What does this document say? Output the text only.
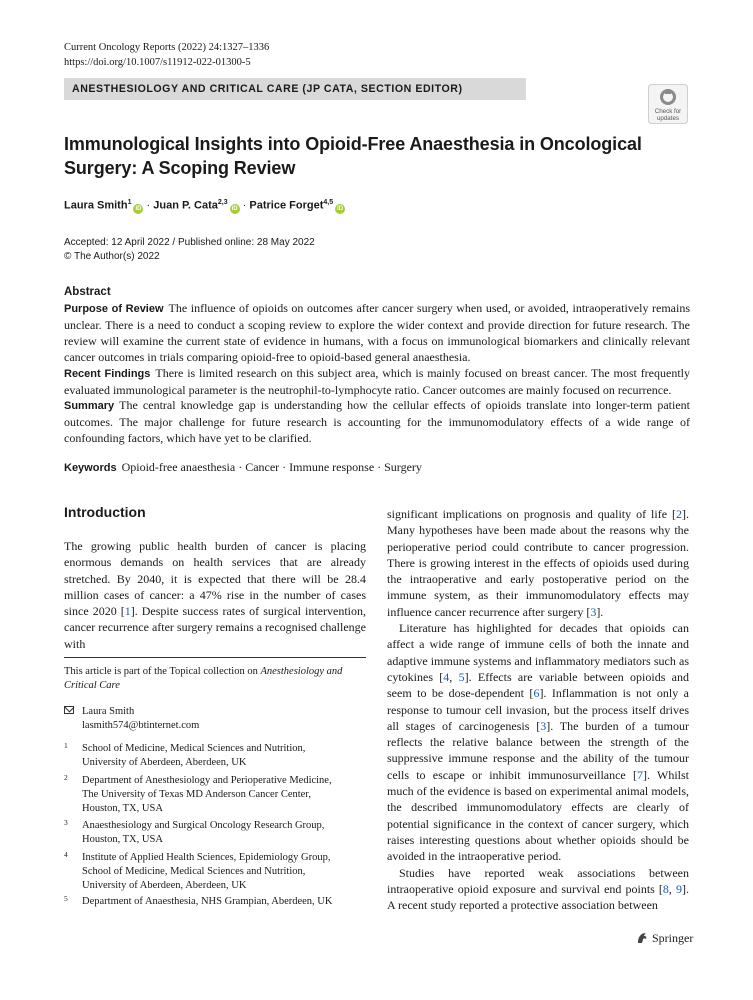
Current Oncology Reports (2022) 24:1327–1336
https://doi.org/10.1007/s11912-022-01300-5
ANESTHESIOLOGY AND CRITICAL CARE (JP CATA, SECTION EDITOR)
Check for
updates
Immunological Insights into Opioid-Free Anaesthesia in Oncological Surgery: A Scoping Review
Laura Smith$^1$iD · Juan P. Cata$^{2,3}$iD · Patrice Forget$^{4,5}$iD
Accepted: 12 April 2022 / Published online: 28 May 2022
© The Author(s) 2022
Abstract
Purpose of Review The influence of opioids on outcomes after cancer surgery when used, or avoided, intraoperatively remains unclear. There is a need to conduct a scoping review to explore the wider context and provide direction for future research. The review will examine the current state of evidence in humans, with a focus on immunological biomarkers and clinically relevant cancer outcomes in trials comparing opioid-free to opioid-based general anaesthesia.
Recent Findings There is limited research on this subject area, which is mainly focused on breast cancer. The most frequently evaluated immunological parameter is the neutrophil-to-lymphocyte ratio. Cancer outcomes are mainly focused on recurrence.
Summary The central knowledge gap is understanding how the cellular effects of opioids translate into longer-term patient outcomes. The major challenge for future research is accounting for the immunomodulatory effects of a wide range of confounding factors, which have yet to be clarified.
Keywords Opioid-free anaesthesia · Cancer · Immune response · Surgery
Introduction

The growing public health burden of cancer is placing enormous demands on health services that are already stretched. By 2040, it is expected that there will be 28.4 million cases of cancer: a 47% rise in the number of cases since 2020 [1]. Despite success rates of surgical intervention, cancer recurrence after surgery remains a recognised challenge with

This article is part of the Topical collection on Anesthesiology and Critical Care
Laura Smith
lasmith574@btinternet.com
1 School of Medicine, Medical Sciences and Nutrition,
University of Aberdeen, Aberdeen, UK
2 Department of Anesthesiology and Perioperative Medicine,
The University of Texas MD Anderson Cancer Center,
Houston, TX, USA
3 Anaesthesiology and Surgical Oncology Research Group,
Houston, TX, USA
4 Institute of Applied Health Sciences, Epidemiology Group,
School of Medicine, Medical Sciences and Nutrition,
University of Aberdeen, Aberdeen, UK
5 Department of Anaesthesia, NHS Grampian, Aberdeen, UK

significant implications on prognosis and quality of life [2]. Many hypotheses have been made about the reasons why the perioperative period could contribute to cancer progression. There is growing interest in the effects of opioids used during the intraoperative and early postoperative period on the immune system, as their immunomodulatory effects may influence cancer recurrence after surgery [3].

Literature has highlighted for decades that opioids can affect a wide range of immune cells of both the innate and adaptive immune systems and inflammatory mediators such as cytokines [4, 5]. Effects are variable between opioids and seem to be dose-dependent [6]. Inflammation is not only a response to tumour cell invasion, but the process itself drives all stages of carcinogenesis [3]. The burden of a tumour reflects the relative balance between the strength of the suppressive immune response and the ability of the tumour cells to escape or inhibit immunosurveillance [7]. Whilst much of the evidence is based on experimental animal models, the described immunomodulatory effects are clearly of potential significance in the context of cancer surgery, which raises interesting questions about whether opioids should be avoided in the intraoperative period.

Studies have reported weak associations between intraoperative opioid exposure and survival end points [8, 9]. A recent study reported a protective association between

Springer
